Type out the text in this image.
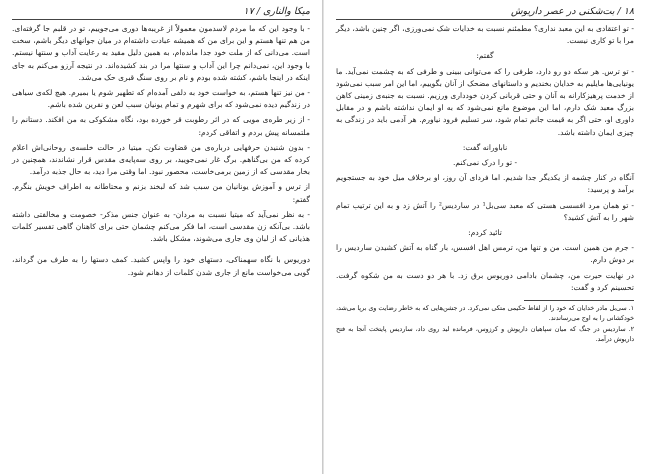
میکا والناری / ۱۷

- با وجود این که ما مردم لاسدمون معمولاً از غریبه‌ها دوری می‌جوییم، تو در قلبم جا گرفته‌ای. من هم تنها هستم و این برای من که همیشه عبادت داشته‌ام در میان جوانهای دیگر باشم، سخت است. می‌دانی که از ملت خود جدا مانده‌ام، به همین دلیل مقید به رعایت آداب و سنتها نیستم. با وجود این، نمی‌دانم چرا این آداب و سنتها مرا در بند کشیده‌اند. در نتیجه آرزو می‌کنم به جای اینکه در اینجا باشم، کشته شده بودم و نام بر روی سنگ قبری حک می‌شد.

- من نیز تنها هستم، به خواست خود به دلفی آمده‌ام که تطهیر شوم یا بمیرم. هیچ لکه‌ی سیاهی در زندگیم دیده نمی‌شود که برای شهرم و تمام یونیان سبب لعن و نفرین شده باشم.

- از زیر طره‌ی مویی که در اثر رطوبت قر خورده بود، نگاه مشکوکی به من افکند. دستانم را ملتمسانه پیش بردم و اتفاقی کردم:

- بدون شنیدن حرفهایی درباره‌ی من قضاوت نکن. میتیا در حالت خلسه‌ی روحانی‌اش اعلام کرده که من بی‌گناهم. برگ غار نمی‌جویید، بر روی سه‌پایه‌ی مقدس قرار نشاندند، همچنین در بخار مقدسی که از زمین برمی‌خاست، محصور نبود. اما وقتی مرا دید، به حال جذبه درآمد.

از ترس و آموزش یونانیان من سبب شد که لبخند بزنم و محتاطانه به اطراف خویش بنگرم. گفتم:

- به نظر نمی‌آید که میتیا نسبت به مردان- به عنوان جنس مذکر- خصومت و مخالفتی داشته باشد. بی‌آنکه زن مقدسی است، اما فکر می‌کنم چشمان حتی برای کاهنان گاهی تفسیر کلمات هذیانی که از لبان وی جاری می‌شوند، مشکل باشد.

دوریوس با نگاه سهمناکی، دستهای خود را واپس کشید. کمف دستها را به طرف من گرداند، گویی می‌خواست مانع از جاری شدن کلمات از دهانم شود.

۱۸ / بت‌شکنی در عصر داریوش

- تو اعتقادی به این معبد نداری؟ مطمئنم نسبت به خدایات شک نمی‌ورزی، اگر چنین باشد، دیگر مرا با تو کاری نیست.

گفتم:

- تو ترس. هر سکه دو رو دارد، طرفی را که می‌توانی ببینی و طرفی که به چشمت نمی‌آید. ما یونیایی‌ها مایلیم به خدایان بخندیم و داستانهای مضحک از آنان بگوییم، اما این امر سبب نمی‌شود از خدمت پرهیزکارانه به آنان و حتی قربانی کردن خودداری ورزیم. نسبت به جنبه‌ی زمینی کاهن بزرگ معبد شک دارم، اما این موضوع مانع نمی‌شود که به او ایمان نداشته باشم و در مقابل داوری او، حتی اگر به قیمت جانم تمام شود، سر تسلیم فرود نیاورم. هر آدمی باید در زندگی به چیزی ایمان داشته باشد.

ناباورانه گفت:

- تو را درک نمی‌کنم.

آنگاه در کنار چشمه از یکدیگر جدا شدیم. اما فردای آن روز، او برخلاف میل خود به جستجویم برآمد و پرسید:

- تو همان مرد افسسی هستی که معبد سی‌بل¹ در ساردیس² را آتش زد و به این ترتیب تمام شهر را به آتش کشید؟

تائید کردم:

- جرم من همین است. من و تنها من، ترمس اهل افسس، بار گناه به آتش کشیدن ساردیس را بر دوش دارم.

در نهایت حیرت من، چشمان بادامی دوریوس برق زد. با هر دو دست به من شکوه گرفت. تحسینم کرد و گفت:

۱. سی‌بل مادر خدایان که خود را از لفاظ حکیمی متکی نمی‌کرد. در جشن‌هایی که به خاطر رضایت وی برپا می‌شد، خودکشانی را به اوج می‌رساندند.

۲. ساردیس در جنگ که میان سپاهیان داریوش و کرزوس، فرمانده لید روی داد، ساردیس پایتخت آنجا به فتح داریوش درآمد.
